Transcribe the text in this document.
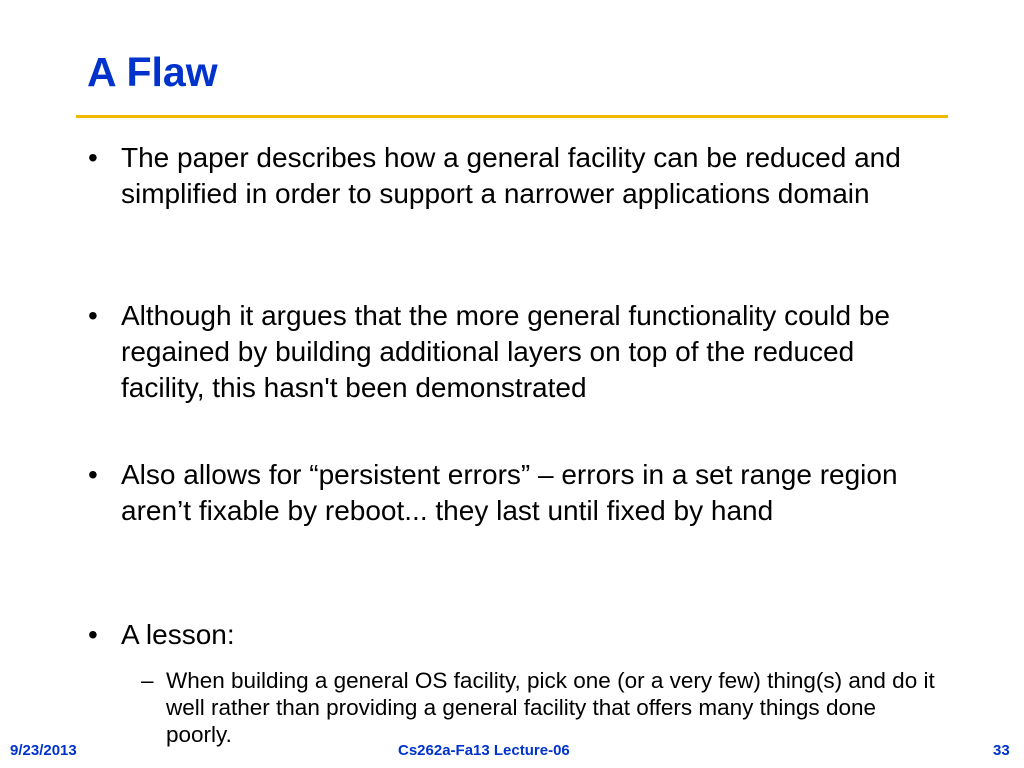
A Flaw
• The paper describes how a general facility can be reduced and simplified in order to support a narrower applications domain
• Although it argues that the more general functionality could be regained by building additional layers on top of the reduced facility, this hasn't been demonstrated
• Also allows for “persistent errors” – errors in a set range region aren’t fixable by reboot... they last until fixed by hand
• A lesson:
– When building a general OS facility, pick one (or a very few) thing(s) and do it well rather than providing a general facility that offers many things done poorly.
9/23/2013	Cs262a-Fa13 Lecture-06	33
